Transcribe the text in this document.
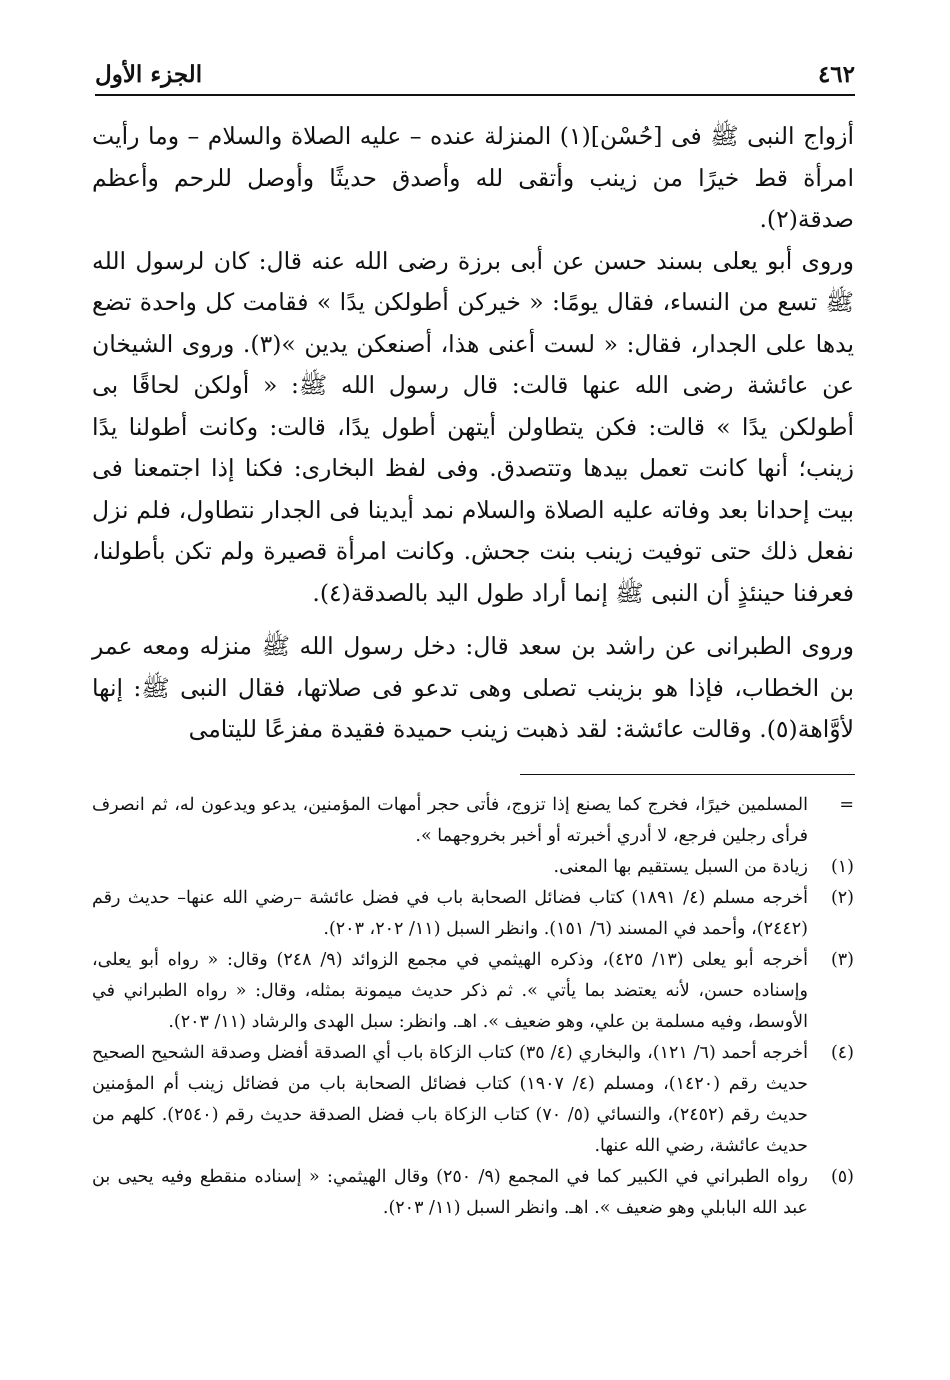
٤٦٢
الجزء الأول

أزواج النبى ﷺ فى [حُسْن](١) المنزلة عنده – عليه الصلاة والسلام – وما رأيت امرأة قط خيرًا من زينب وأتقى لله وأصدق حديثًا وأوصل للرحم وأعظم صدقة(٢).

وروى أبو يعلى بسند حسن عن أبى برزة رضى الله عنه قال: كان لرسول الله ﷺ تسع من النساء، فقال يومًا: « خيركن أطولكن يدًا » فقامت كل واحدة تضع يدها على الجدار، فقال: « لست أعنى هذا، أصنعكن يدين »(٣). وروى الشيخان عن عائشة رضى الله عنها قالت: قال رسول الله ﷺ: « أولكن لحاقًا بى أطولكن يدًا » قالت: فكن يتطاولن أيتهن أطول يدًا، قالت: وكانت أطولنا يدًا زينب؛ أنها كانت تعمل بيدها وتتصدق. وفى لفظ البخارى: فكنا إذا اجتمعنا فى بيت إحدانا بعد وفاته عليه الصلاة والسلام نمد أيدينا فى الجدار نتطاول، فلم نزل نفعل ذلك حتى توفيت زينب بنت جحش. وكانت امرأة قصيرة ولم تكن بأطولنا، فعرفنا حينئذٍ أن النبى ﷺ إنما أراد طول اليد بالصدقة(٤).

وروى الطبرانى عن راشد بن سعد قال: دخل رسول الله ﷺ منزله ومعه عمر بن الخطاب، فإذا هو بزينب تصلى وهى تدعو فى صلاتها، فقال النبى ﷺ: إنها لأوَّاهة(٥). وقالت عائشة: لقد ذهبت زينب حميدة فقيدة مفزعًا لليتامى

=
المسلمين خيرًا، فخرج كما يصنع إذا تزوج، فأتى حجر أمهات المؤمنين، يدعو ويدعون له، ثم انصرف فرأى رجلين فرجع، لا أدري أخبرته أو أخبر بخروجهما ».
(١)
زيادة من السبل يستقيم بها المعنى.
(٢)
أخرجه مسلم (٤/ ١٨٩١) كتاب فضائل الصحابة باب في فضل عائشة –رضي الله عنها– حديث رقم (٢٤٤٢)، وأحمد في المسند (٦/ ١٥١). وانظر السبل (١١/ ٢٠٢، ٢٠٣).
(٣)
أخرجه أبو يعلى (١٣/ ٤٢٥)، وذكره الهيثمي في مجمع الزوائد (٩/ ٢٤٨) وقال: « رواه أبو يعلى، وإسناده حسن، لأنه يعتضد بما يأتي ». ثم ذكر حديث ميمونة بمثله، وقال: « رواه الطبراني في الأوسط، وفيه مسلمة بن علي، وهو ضعيف ». اهـ. وانظر: سبل الهدى والرشاد (١١/ ٢٠٣).
(٤)
أخرجه أحمد (٦/ ١٢١)، والبخاري (٤/ ٣٥) كتاب الزكاة باب أي الصدقة أفضل وصدقة الشحيح الصحيح حديث رقم (١٤٢٠)، ومسلم (٤/ ١٩٠٧) كتاب فضائل الصحابة باب من فضائل زينب أم المؤمنين حديث رقم (٢٤٥٢)، والنسائي (٥/ ٧٠) كتاب الزكاة باب فضل الصدقة حديث رقم (٢٥٤٠). كلهم من حديث عائشة، رضي الله عنها.
(٥)
رواه الطبراني في الكبير كما في المجمع (٩/ ٢٥٠) وقال الهيثمي: « إسناده منقطع وفيه يحيى بن عبد الله البابلي وهو ضعيف ». اهـ. وانظر السبل (١١/ ٢٠٣).
